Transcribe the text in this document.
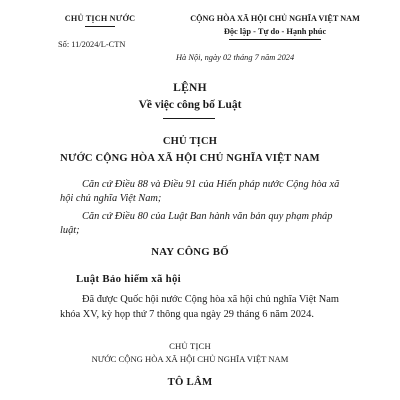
CHỦ TỊCH NƯỚC
Số: 11/2024/L-CTN
CỘNG HÒA XÃ HỘI CHỦ NGHĨA VIỆT NAM
Độc lập - Tự do - Hạnh phúc
Hà Nội, ngày 02 tháng 7 năm 2024
LỆNH
Về việc công bố Luật
CHỦ TỊCH
NƯỚC CỘNG HÒA XÃ HỘI CHỦ NGHĨA VIỆT NAM
Căn cứ Điều 88 và Điều 91 của Hiến pháp nước Cộng hòa xã hội chủ nghĩa Việt Nam;
Căn cứ Điều 80 của Luật Ban hành văn bản quy phạm pháp luật;
NAY CÔNG BỐ
Luật Bảo hiểm xã hội
Đã được Quốc hội nước Cộng hòa xã hội chủ nghĩa Việt Nam khóa XV, kỳ họp thứ 7 thông qua ngày 29 tháng 6 năm 2024.
CHỦ TỊCH
NƯỚC CỘNG HÒA XÃ HỘI CHỦ NGHĨA VIỆT NAM
TÔ LÂM
